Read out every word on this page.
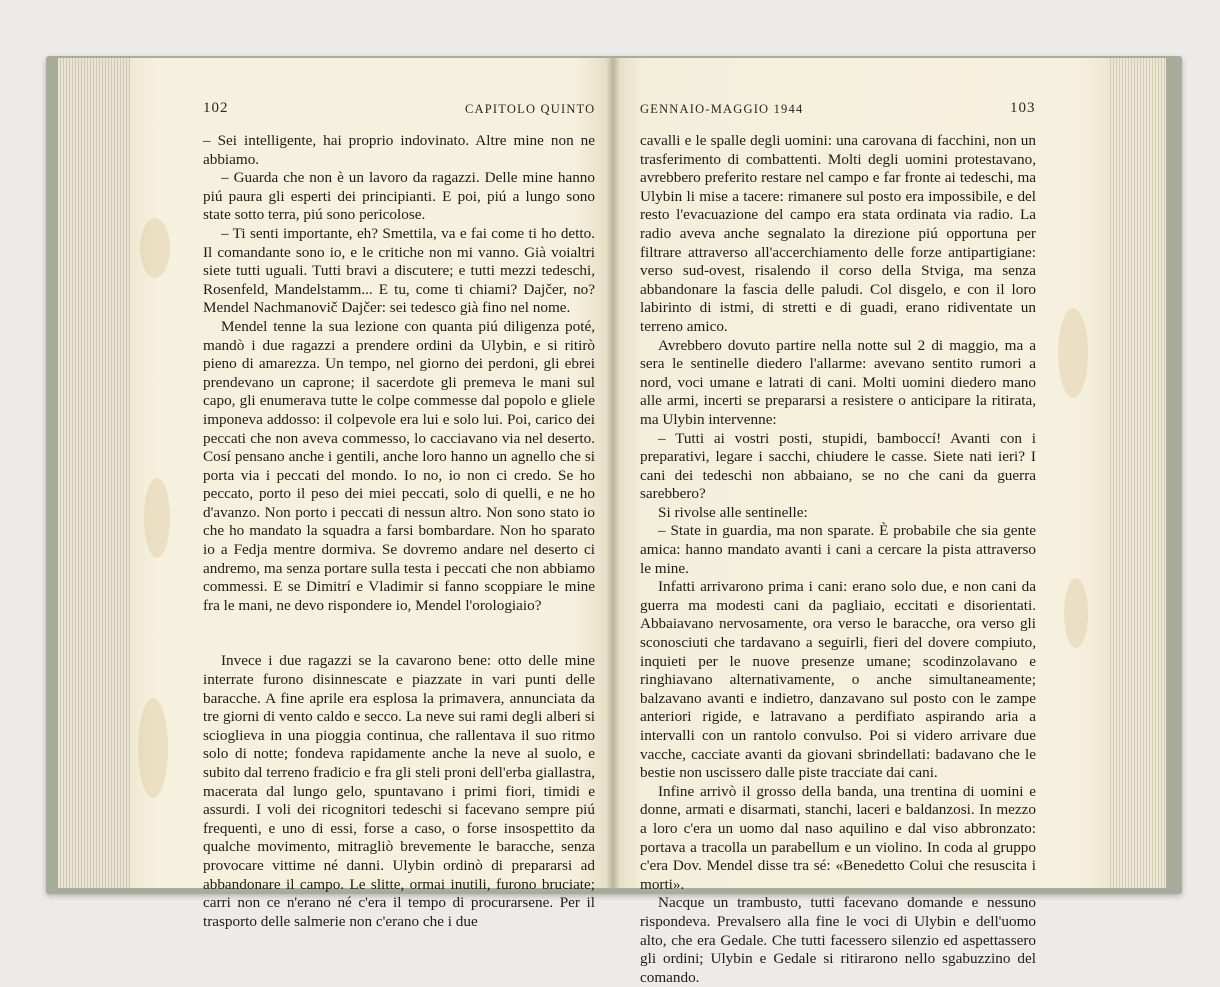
102	CAPITOLO QUINTO	GENNAIO-MAGGIO 1944	103

– Sei intelligente, hai proprio indovinato. Altre mine non ne abbiamo.

– Guarda che non è un lavoro da ragazzi. Delle mine hanno piú paura gli esperti dei principianti. E poi, piú a lungo sono state sotto terra, piú sono pericolose.

– Ti senti importante, eh? Smettila, va e fai come ti ho detto. Il comandante sono io, e le critiche non mi vanno. Già voialtri siete tutti uguali. Tutti bravi a discutere; e tutti mezzi tedeschi, Rosenfeld, Mandelstamm... E tu, come ti chiami? Dajčer, no? Mendel Nachmanovič Dajčer: sei tedesco già fino nel nome.

Mendel tenne la sua lezione con quanta piú diligenza poté, mandò i due ragazzi a prendere ordini da Ulybin, e si ritirò pieno di amarezza. Un tempo, nel giorno dei perdoni, gli ebrei prendevano un caprone; il sacerdote gli premeva le mani sul capo, gli enumerava tutte le colpe commesse dal popolo e gliele imponeva addosso: il colpevole era lui e solo lui. Poi, carico dei peccati che non aveva commesso, lo cacciavano via nel deserto. Cosí pensano anche i gentili, anche loro hanno un agnello che si porta via i peccati del mondo. Io no, io non ci credo. Se ho peccato, porto il peso dei miei peccati, solo di quelli, e ne ho d'avanzo. Non porto i peccati di nessun altro. Non sono stato io che ho mandato la squadra a farsi bombardare. Non ho sparato io a Fedja mentre dormiva. Se dovremo andare nel deserto ci andremo, ma senza portare sulla testa i peccati che non abbiamo commessi. E se Dimitrí e Vladimir si fanno scoppiare le mine fra le mani, ne devo rispondere io, Mendel l'orologiaio?

Invece i due ragazzi se la cavarono bene: otto delle mine interrate furono disinnescate e piazzate in vari punti delle baracche. A fine aprile era esplosa la primavera, annunciata da tre giorni di vento caldo e secco. La neve sui rami degli alberi si scioglieva in una pioggia continua, che rallentava il suo ritmo solo di notte; fondeva rapidamente anche la neve al suolo, e subito dal terreno fradicio e fra gli steli proni dell'erba giallastra, macerata dal lungo gelo, spuntavano i primi fiori, timidi e assurdi. I voli dei ricognitori tedeschi si facevano sempre piú frequenti, e uno di essi, forse a caso, o forse insospettito da qualche movimento, mitragliò brevemente le baracche, senza provocare vittime né danni. Ulybin ordinò di prepararsi ad abbandonare il campo. Le slitte, ormai inutili, furono bruciate; carri non ce n'erano né c'era il tempo di procurarsene. Per il trasporto delle salmerie non c'erano che i due

cavalli e le spalle degli uomini: una carovana di facchini, non un trasferimento di combattenti. Molti degli uomini protestavano, avrebbero preferito restare nel campo e far fronte ai tedeschi, ma Ulybin li mise a tacere: rimanere sul posto era impossibile, e del resto l'evacuazione del campo era stata ordinata via radio. La radio aveva anche segnalato la direzione piú opportuna per filtrare attraverso all'accerchiamento delle forze antipartigiane: verso sud-ovest, risalendo il corso della Stviga, ma senza abbandonare la fascia delle paludi. Col disgelo, e con il loro labirinto di istmi, di stretti e di guadi, erano ridiventate un terreno amico.

Avrebbero dovuto partire nella notte sul 2 di maggio, ma a sera le sentinelle diedero l'allarme: avevano sentito rumori a nord, voci umane e latrati di cani. Molti uomini diedero mano alle armi, incerti se prepararsi a resistere o anticipare la ritirata, ma Ulybin intervenne:

– Tutti ai vostri posti, stupidi, bamboccí! Avanti con i preparativi, legare i sacchi, chiudere le casse. Siete nati ieri? I cani dei tedeschi non abbaiano, se no che cani da guerra sarebbero?

Si rivolse alle sentinelle:

– State in guardia, ma non sparate. È probabile che sia gente amica: hanno mandato avanti i cani a cercare la pista attraverso le mine.

Infatti arrivarono prima i cani: erano solo due, e non cani da guerra ma modesti cani da pagliaio, eccitati e disorientati. Abbaiavano nervosamente, ora verso le baracche, ora verso gli sconosciuti che tardavano a seguirli, fieri del dovere compiuto, inquieti per le nuove presenze umane; scodinzolavano e ringhiavano alternativamente, o anche simultaneamente; balzavano avanti e indietro, danzavano sul posto con le zampe anteriori rigide, e latravano a perdifiato aspirando aria a intervalli con un rantolo convulso. Poi si videro arrivare due vacche, cacciate avanti da giovani sbrindellati: badavano che le bestie non uscissero dalle piste tracciate dai cani.

Infine arrivò il grosso della banda, una trentina di uomini e donne, armati e disarmati, stanchi, laceri e baldanzosi. In mezzo a loro c'era un uomo dal naso aquilino e dal viso abbronzato: portava a tracolla un parabellum e un violino. In coda al gruppo c'era Dov. Mendel disse tra sé: «Benedetto Colui che resuscita i morti».

Nacque un trambusto, tutti facevano domande e nessuno rispondeva. Prevalsero alla fine le voci di Ulybin e dell'uomo alto, che era Gedale. Che tutti facessero silenzio ed aspettassero gli ordini; Ulybin e Gedale si ritirarono nello sgabuzzino del comando.
